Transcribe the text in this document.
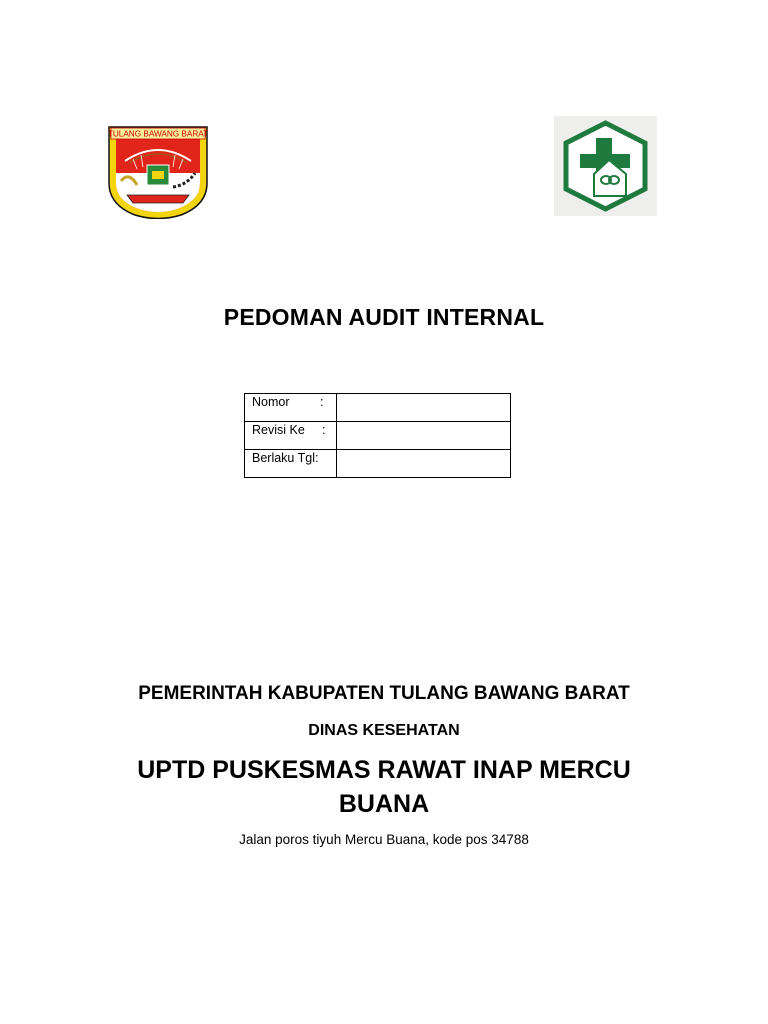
TULANG BAWANG BARAT
PEDOMAN AUDIT INTERNAL
Nomor :	

Revisi Ke :	

Berlaku Tgl:	

PEMERINTAH KABUPATEN TULANG BAWANG BARAT
DINAS KESEHATAN
UPTD PUSKESMAS RAWAT INAP MERCU BUANA
Jalan poros tiyuh Mercu Buana, kode pos 34788
